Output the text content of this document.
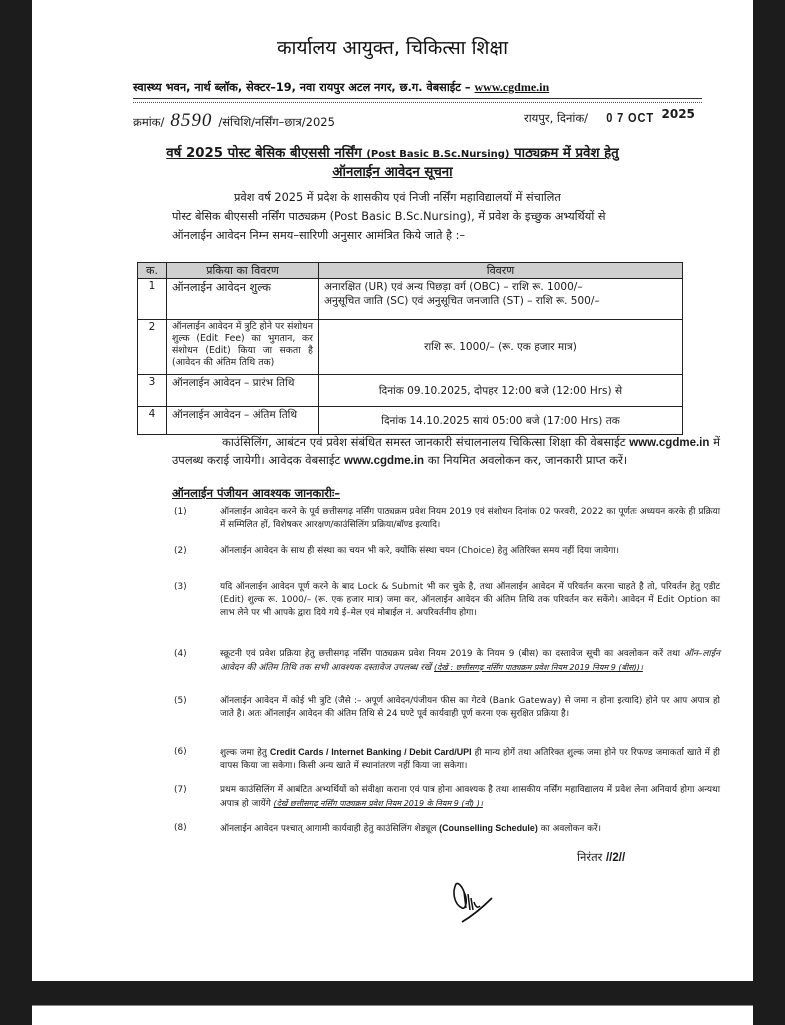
कार्यालय आयुक्त, चिकित्सा शिक्षा
स्वास्थ्य भवन, नार्थ ब्लॉक, सेक्टर–19, नवा रायपुर अटल नगर, छ.ग. वेबसाईट – www.cgdme.in
क्रमांक/ 8590 /संचिशि/नर्सिंग–छात्र/2025	रायपुर, दिनांक/ 0 7 OCT 2025
वर्ष 2025 पोस्ट बेसिक बीएससी नर्सिंग (Post Basic B.Sc.Nursing) पाठ्यक्रम में प्रवेश हेतु
ऑनलाईन आवेदन सूचना

प्रवेश वर्ष 2025 में प्रदेश के शासकीय एवं निजी नर्सिंग महाविद्यालयों में संचालित

पोस्ट बेसिक बीएससी नर्सिंग पाठ्यक्रम (Post Basic B.Sc.Nursing), में प्रवेश के इच्छुक अभ्यर्थियों से

ऑनलाईन आवेदन निम्न समय–सारिणी अनुसार आमंत्रित किये जाते है :–

क.	प्रकिया का विवरण	विवरण
1	ऑनलाईन आवेदन शुल्क	अनारक्षित (UR) एवं अन्य पिछड़ा वर्ग (OBC) – राशि रू. 1000/–
अनुसूचित जाति (SC) एवं अनुसूचित जनजाति (ST) – राशि रू. 500/–

2	ऑनलाईन आवेदन में त्रुटि होने पर संशोधन शुल्क (Edit Fee) का भुगतान, कर संशोधन (Edit) किया जा सकता है (आवेदन की अंतिम तिथि तक)	राशि रू. 1000/– (रू. एक हजार मात्र)
3	ऑनलाईन आवेदन – प्रारंभ तिथि	दिनांक 09.10.2025, दोपहर 12:00 बजे (12:00 Hrs) से
4	ऑनलाईन आवेदन – अंतिम तिथि	दिनांक 14.10.2025 सायं 05:00 बजे (17:00 Hrs) तक

काउंसिलिंग, आबंटन एवं प्रवेश संबंधित समस्त जानकारी संचालनालय चिकित्सा शिक्षा की वेबसाईट www.cgdme.in में उपलब्ध कराई जायेगी। आवेदक वेबसाईट www.cgdme.in का नियमित अवलोकन कर, जानकारी प्राप्त करें।

ऑनलाईन पंजीयन आवश्यक जानकारीः–
(1)	ऑनलाईन आवेदन करने के पूर्व छत्तीसगढ़ नर्सिंग पाठ्यक्रम प्रवेश नियम 2019 एवं संशोधन दिनांक 02 फरवरी, 2022 का पूर्णतः अध्ययन करके ही प्रक्रिया में सम्मिलित हों, विशेषकर आरक्षण/काउंसिलिंग प्रक्रिया/बॉण्ड इत्यादि।
(2)	ऑनलाईन आवेदन के साथ ही संस्था का चयन भी करे, क्योंकि संस्था चयन (Choice) हेतु अतिरिक्त समय नहीं दिया जायेगा।
(3)	यदि ऑनलाईन आवेदन पूर्ण करने के बाद Lock & Submit भी कर चुके है, तथा ऑनलाईन आवेदन में परिवर्तन करना चाहते है तो, परिवर्तन हेतु एडीट (Edit) शुल्क रू. 1000/– (रू. एक हजार मात्र) जमा कर, ऑनलाईन आवेदन की अंतिम तिथि तक परिवर्तन कर सकेंगे। आवेदन में Edit Option का लाभ लेने पर भी आपके द्वारा दिये गये ई–मेल एवं मोबाईल नं. अपरिवर्तनीय होगा।
(4)	स्क्रूटनी एवं प्रवेश प्रक्रिया हेतु छत्तीसगढ़ नर्सिंग पाठ्यक्रम प्रवेश नियम 2019 के नियम 9 (बीस) का दस्तावेज सूची का अवलोकन करें तथा ऑन–लाईन आवेदन की अंतिम तिथि तक सभी आवश्यक दस्तावेज उपलब्ध रखें (देखें : छत्तीसगढ़ नर्सिंग पाठ्यक्रम प्रवेश नियम 2019 नियम 9 (बीस))।
(5)	ऑनलाईन आवेदन में कोई भी त्रुटि (जैसे :– अपूर्ण आवेदन/पंजीयन फीस का गेटवे (Bank Gateway) से जमा न होना इत्यादि) होने पर आप अपात्र हो जाते है। अतः ऑनलाईन आवेदन की अंतिम तिथि से 24 घण्टे पूर्व कार्यवाही पूर्ण करना एक सुरक्षित प्रक्रिया है।
(6)	शुल्क जमा हेतु Credit Cards / Internet Banking / Debit Card/UPI ही मान्य होगें तथा अतिरिक्त शुल्क जमा होने पर रिफण्ड जमाकर्ता खाते में ही वापस किया जा सकेगा। किसी अन्य खाते में स्थानांतरण नहीं किया जा सकेगा।
(7)	प्रथम काउंसिलिंग में आबंटित अभ्यर्थियों को संवीक्षा कराना एवं पात्र होना आवश्यक है तथा शासकीय नर्सिंग महाविद्यालय में प्रवेश लेना अनिवार्य होगा अन्यथा अपात्र हो जायेंगे (देखें छत्तीसगढ़ नर्सिंग पाठ्यक्रम प्रवेश नियम 2019 के नियम 9 (नौ) )।
(8)	ऑनलाईन आवेदन पश्चात् आगामी कार्यवाही हेतु काउंसिलिंग शेड्यूल (Counselling Schedule) का अवलोकन करें।
निरंतर //2//
